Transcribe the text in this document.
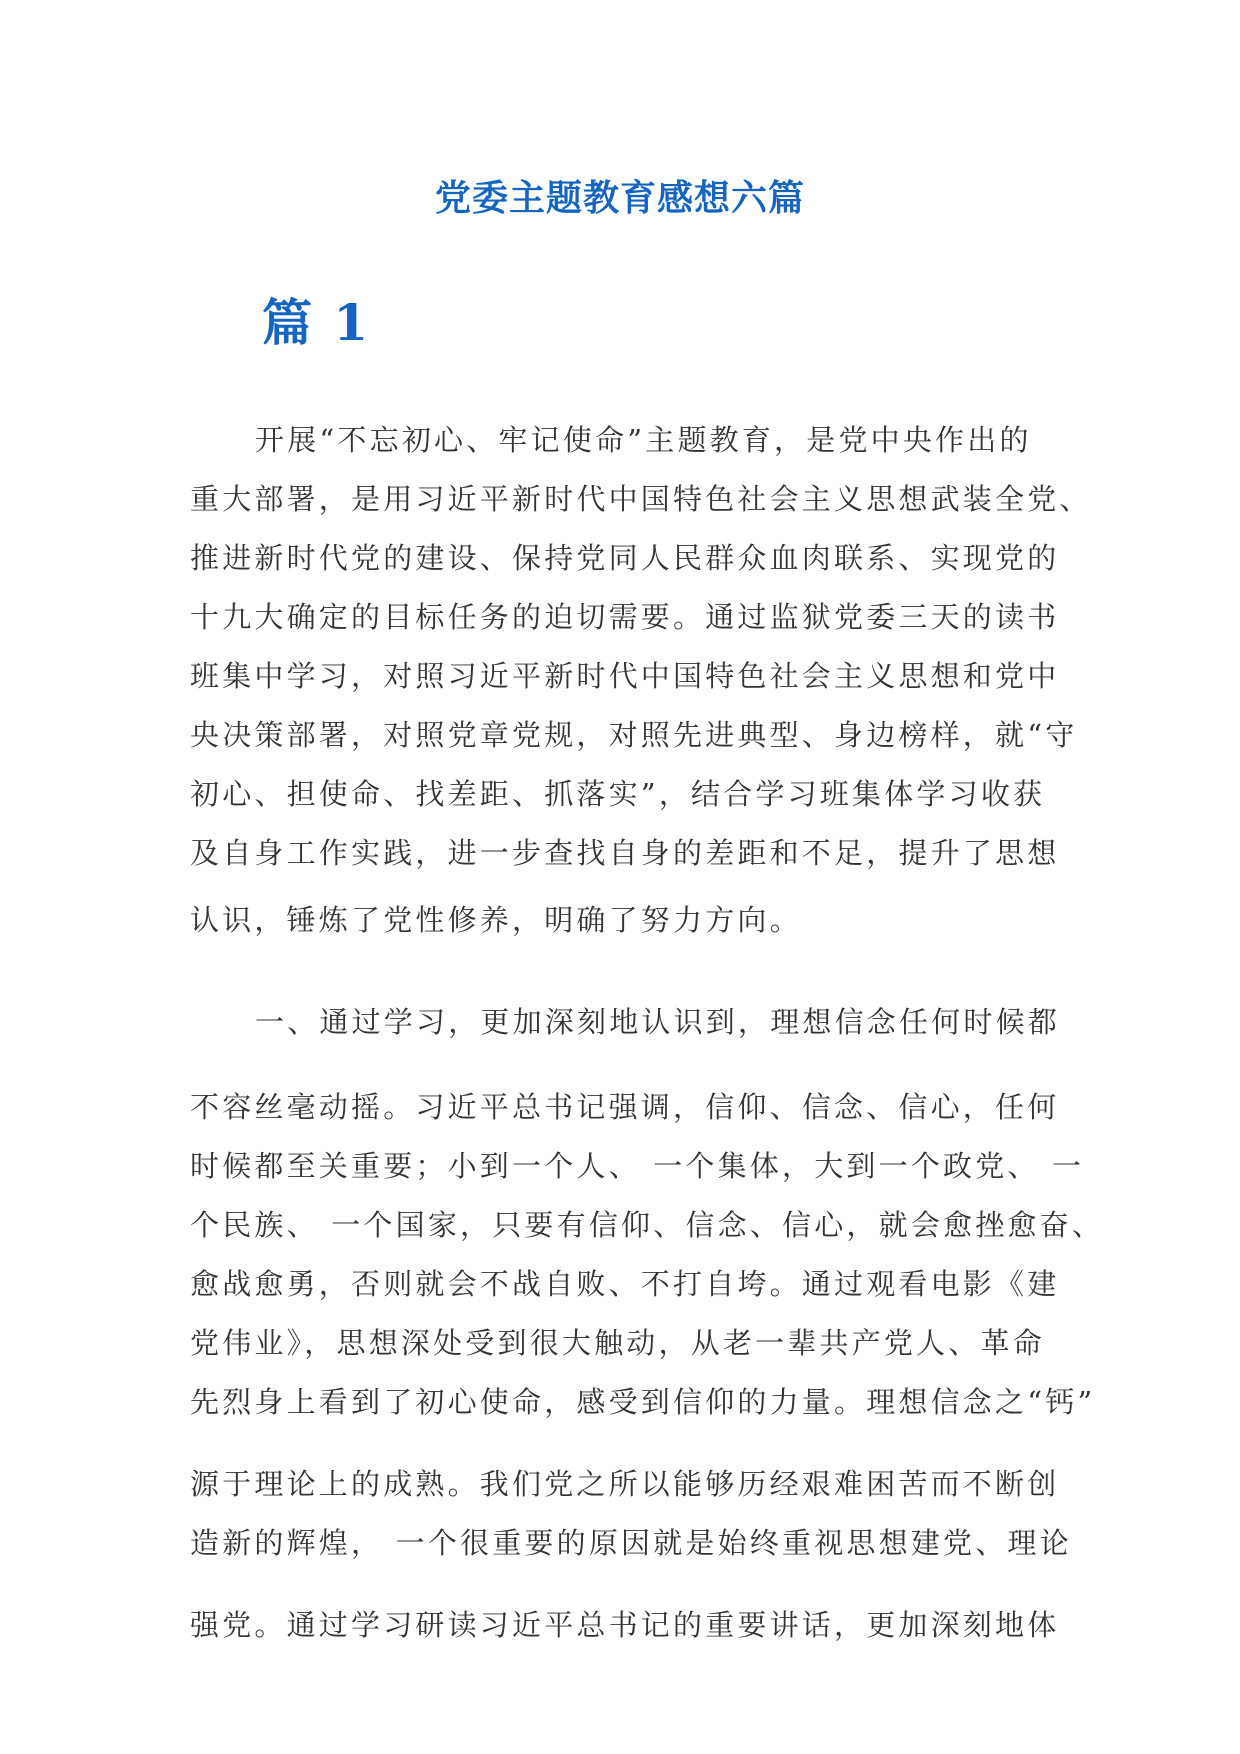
党委主题教育感想六篇
篇 1
开展“不忘初心、牢记使命”主题教育，是党中央作出的
重大部署，是用习近平新时代中国特色社会主义思想武装全党、
推进新时代党的建设、保持党同人民群众血肉联系、实现党的
十九大确定的目标任务的迫切需要。通过监狱党委三天的读书
班集中学习，对照习近平新时代中国特色社会主义思想和党中
央决策部署，对照党章党规，对照先进典型、身边榜样，就“守
初心、担使命、找差距、抓落实”，结合学习班集体学习收获
及自身工作实践，进一步查找自身的差距和不足，提升了思想
认识，锤炼了党性修养，明确了努力方向。
一、通过学习，更加深刻地认识到，理想信念任何时候都
不容丝毫动摇。习近平总书记强调，信仰、信念、信心，任何
时候都至关重要；小到一个人、 一个集体，大到一个政党、 一
个民族、 一个国家，只要有信仰、信念、信心，就会愈挫愈奋、
愈战愈勇，否则就会不战自败、不打自垮。通过观看电影《建
党伟业》，思想深处受到很大触动，从老一辈共产党人、革命
先烈身上看到了初心使命，感受到信仰的力量。理想信念之“钙”
源于理论上的成熟。我们党之所以能够历经艰难困苦而不断创
造新的辉煌， 一个很重要的原因就是始终重视思想建党、理论
强党。通过学习研读习近平总书记的重要讲话，更加深刻地体
